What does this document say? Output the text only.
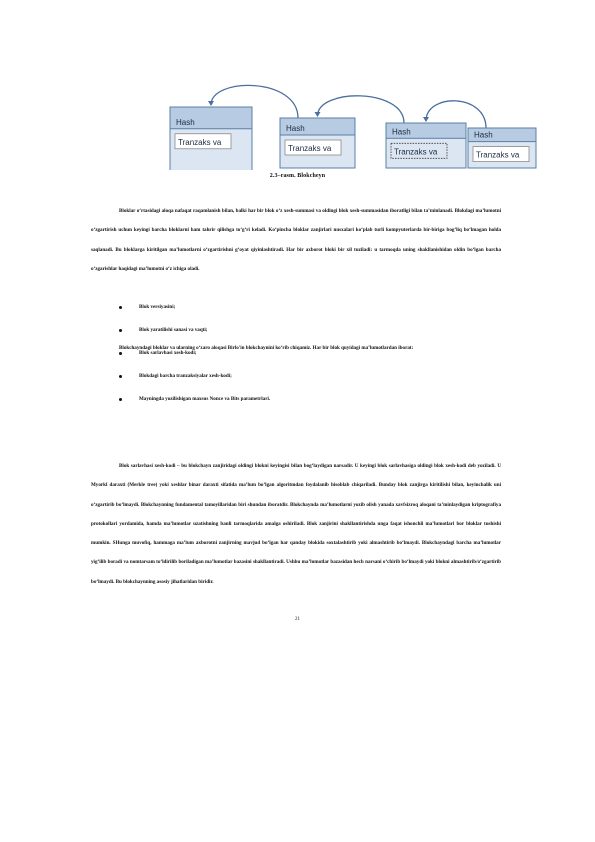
Hash
Tranzaks va
Hash
Tranzaks va
Hash
Tranzaks va
Hash
Tranzaks va
2.3–rasm. Blokcheyn

Bloklar o‘rtasidagi aloqa nafaqat raqamlanish bilan, balki har bir blok o‘z xesh-summasi va oldingi blok xesh-summasidan iboratligi bilan ta’minlanadi. Blokdagi ma’lumotni o‘zgartirish uchun keyingi barcha bloklarni ham tahrir qilishga to‘g‘ri keladi. Ko‘pincha bloklar zanjirlari nusxalari ko‘plab turli kompyuterlarda bir-biriga bog‘liq bo‘lmagan holda saqlanadi. Bu bloklarga kiritilgan ma’lumotlarni o‘zgartirishni g‘oyat qiyinlashtiradi. Har bir axborot bloki bir xil tuziladi: u tarmoqda uning shakllanishidan oldin bo‘lgan barcha o‘zgarishlar haqidagi ma’lumotni o‘z ichiga oladi.

Blokchayndagi bloklar va ularning o‘zaro aloqasi Birlo'in blokchaynini ko‘rib chiqamiz. Har bir blok quyidagi ma’lumotlardan iborat:

Blok versiyasini;
Blok yaratilishi sanasi va vaqti;
Blok sarlavhasi xesh-kodi;
Blokdagi barcha tranzaksiyalar xesh-kodi;
Mayningda yozilishigan maxsus Nonce va Bits parametrlari.

Blok sarlavhasi xesh-kodi – bu blokchayn zanjiridagi oldingi blokni keyingisi bilan bog‘laydigan narsadir. U keyingi blok sarlavhasiga oldingi blok xesh-kodi deb yoziladi. U Myorkl daraxti (Merkle tree) yoki xeshlar binar daraxti sifatida ma’lum bo‘lgan algoritmdan foydalanib hisoblab chiqariladi. Bunday blok zanjirga kiritilishi bilan, keyinchalik uni o‘zgartirib bo‘lmaydi. Blokchaynning fundamental tamoyillaridan biri shundan iboratdir. Blokchaynda ma’lumotlarni yozib olish yanada xavfsizroq aloqani ta’minlaydigan kriptografiya protokollari yordamida, hamda ma’lumotlar uzatishning banli tarmoqlarida amalga oshiriladi. Blok zanjirini shakllantirishda unga faqat ishonchli ma’lumotlari bor bloklar tushishi mumkin. SHunga muvofiq, hammaga ma’lum axborotni zanjirning mavjud bo‘lgan har qanday blokida soxtalashtirib yoki almashtirib bo‘lmaydi. Blokchayndagi barcha ma’lumotlar yig‘ilib boradi va nomtarsam to‘ldirilib boriladigan ma’lumotlar bazasini shakllantiradi. Ushbu ma’lumotlar bazasidan hech narsani o‘chirib bo‘lmaydi yoki blokni almashtirib/o‘zgartirib bo‘lmaydi. Bu blokchaynning asosiy jihatlaridan biridir.

21
